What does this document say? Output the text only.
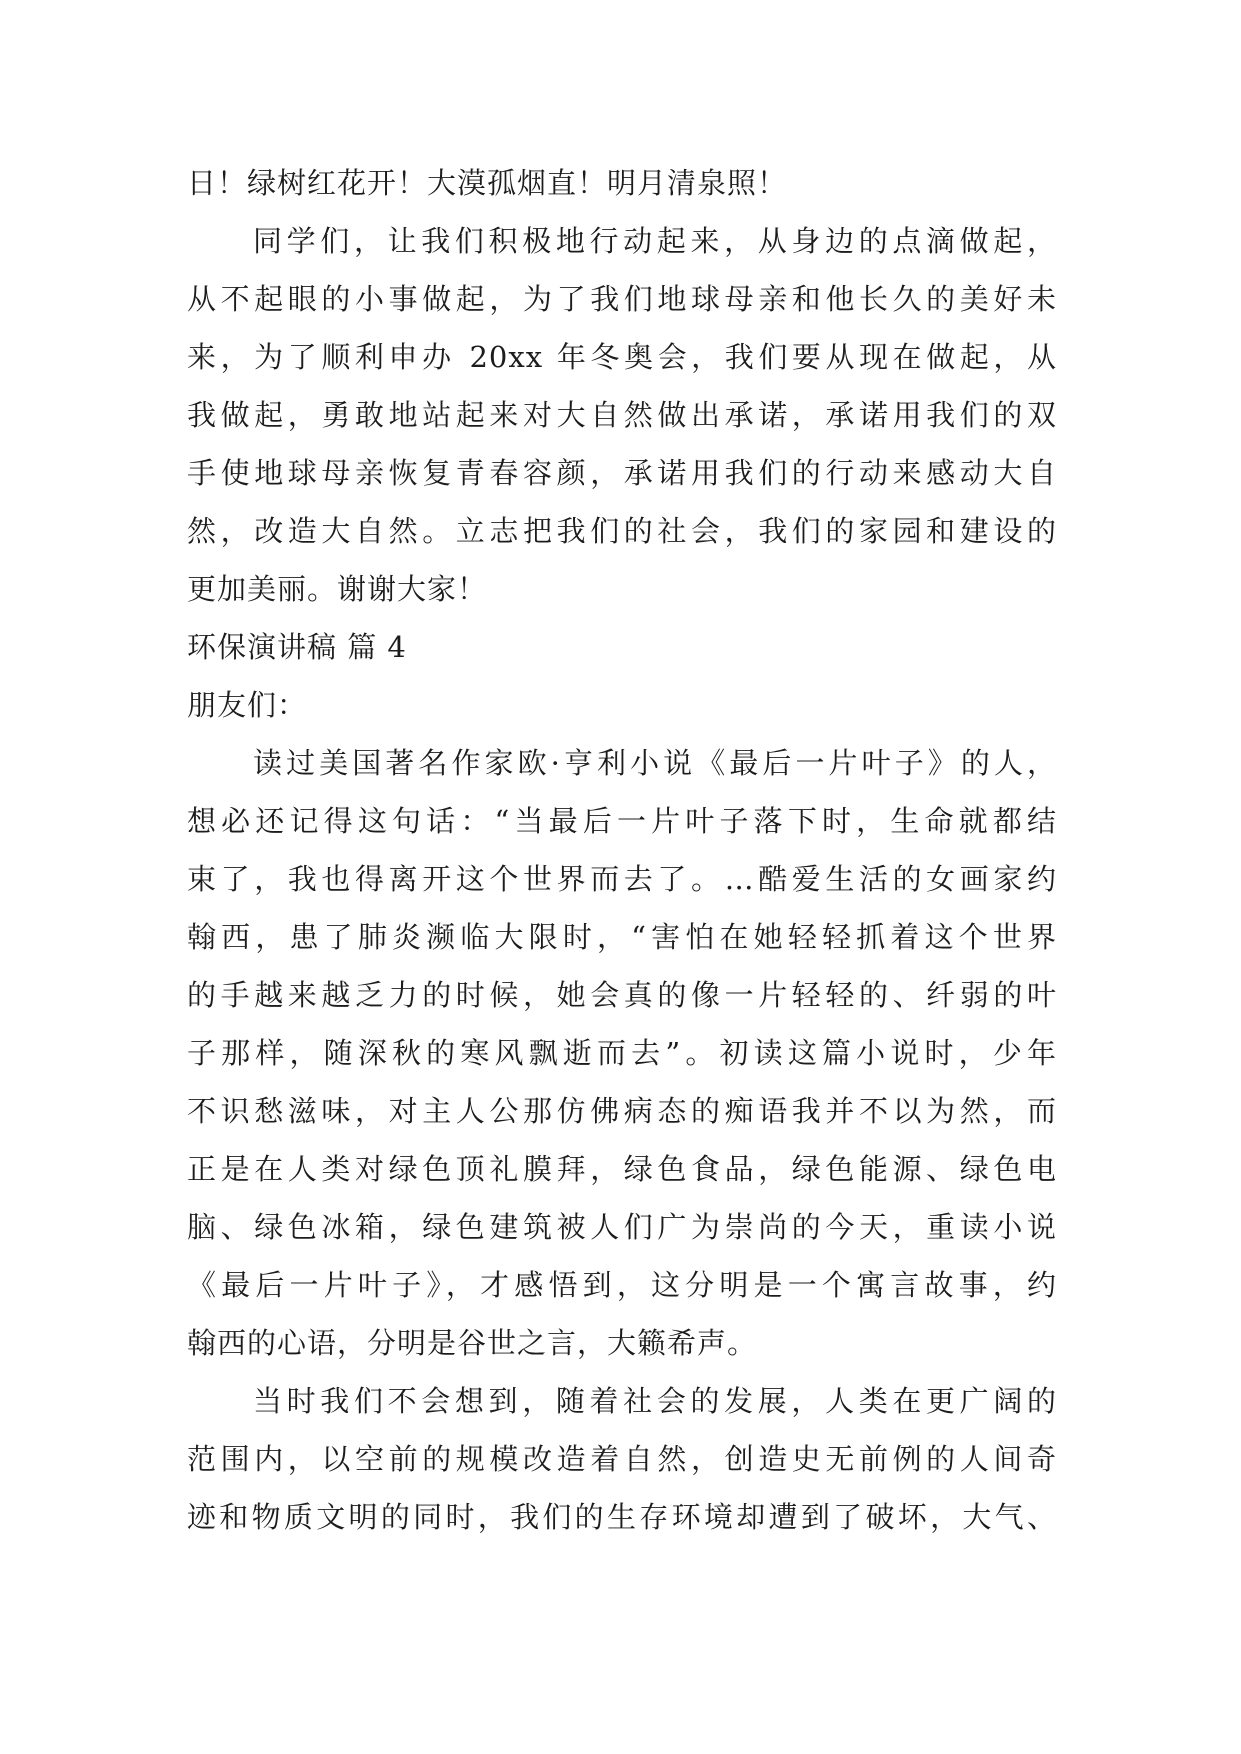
日！绿树红花开！大漠孤烟直！明月清泉照！
同学们，让我们积极地行动起来，从身边的点滴做起，
从不起眼的小事做起，为了我们地球母亲和他长久的美好未
来，为了顺利申办 20xx 年冬奥会，我们要从现在做起，从
我做起，勇敢地站起来对大自然做出承诺，承诺用我们的双
手使地球母亲恢复青春容颜，承诺用我们的行动来感动大自
然，改造大自然。立志把我们的社会，我们的家园和建设的
更加美丽。谢谢大家！
环保演讲稿 篇 4
朋友们：
读过美国著名作家欧·亨利小说《最后一片叶子》的人，
想必还记得这句话：“当最后一片叶子落下时，生命就都结
束了，我也得离开这个世界而去了。…酷爱生活的女画家约
翰西，患了肺炎濒临大限时，“害怕在她轻轻抓着这个世界
的手越来越乏力的时候，她会真的像一片轻轻的、纤弱的叶
子那样，随深秋的寒风飘逝而去”。初读这篇小说时，少年
不识愁滋味，对主人公那仿佛病态的痴语我并不以为然，而
正是在人类对绿色顶礼膜拜，绿色食品，绿色能源、绿色电
脑、绿色冰箱，绿色建筑被人们广为崇尚的今天，重读小说
《最后一片叶子》，才感悟到，这分明是一个寓言故事，约
翰西的心语，分明是谷世之言，大籁希声。
当时我们不会想到，随着社会的发展，人类在更广阔的
范围内，以空前的规模改造着自然，创造史无前例的人间奇
迹和物质文明的同时，我们的生存环境却遭到了破坏，大气、
